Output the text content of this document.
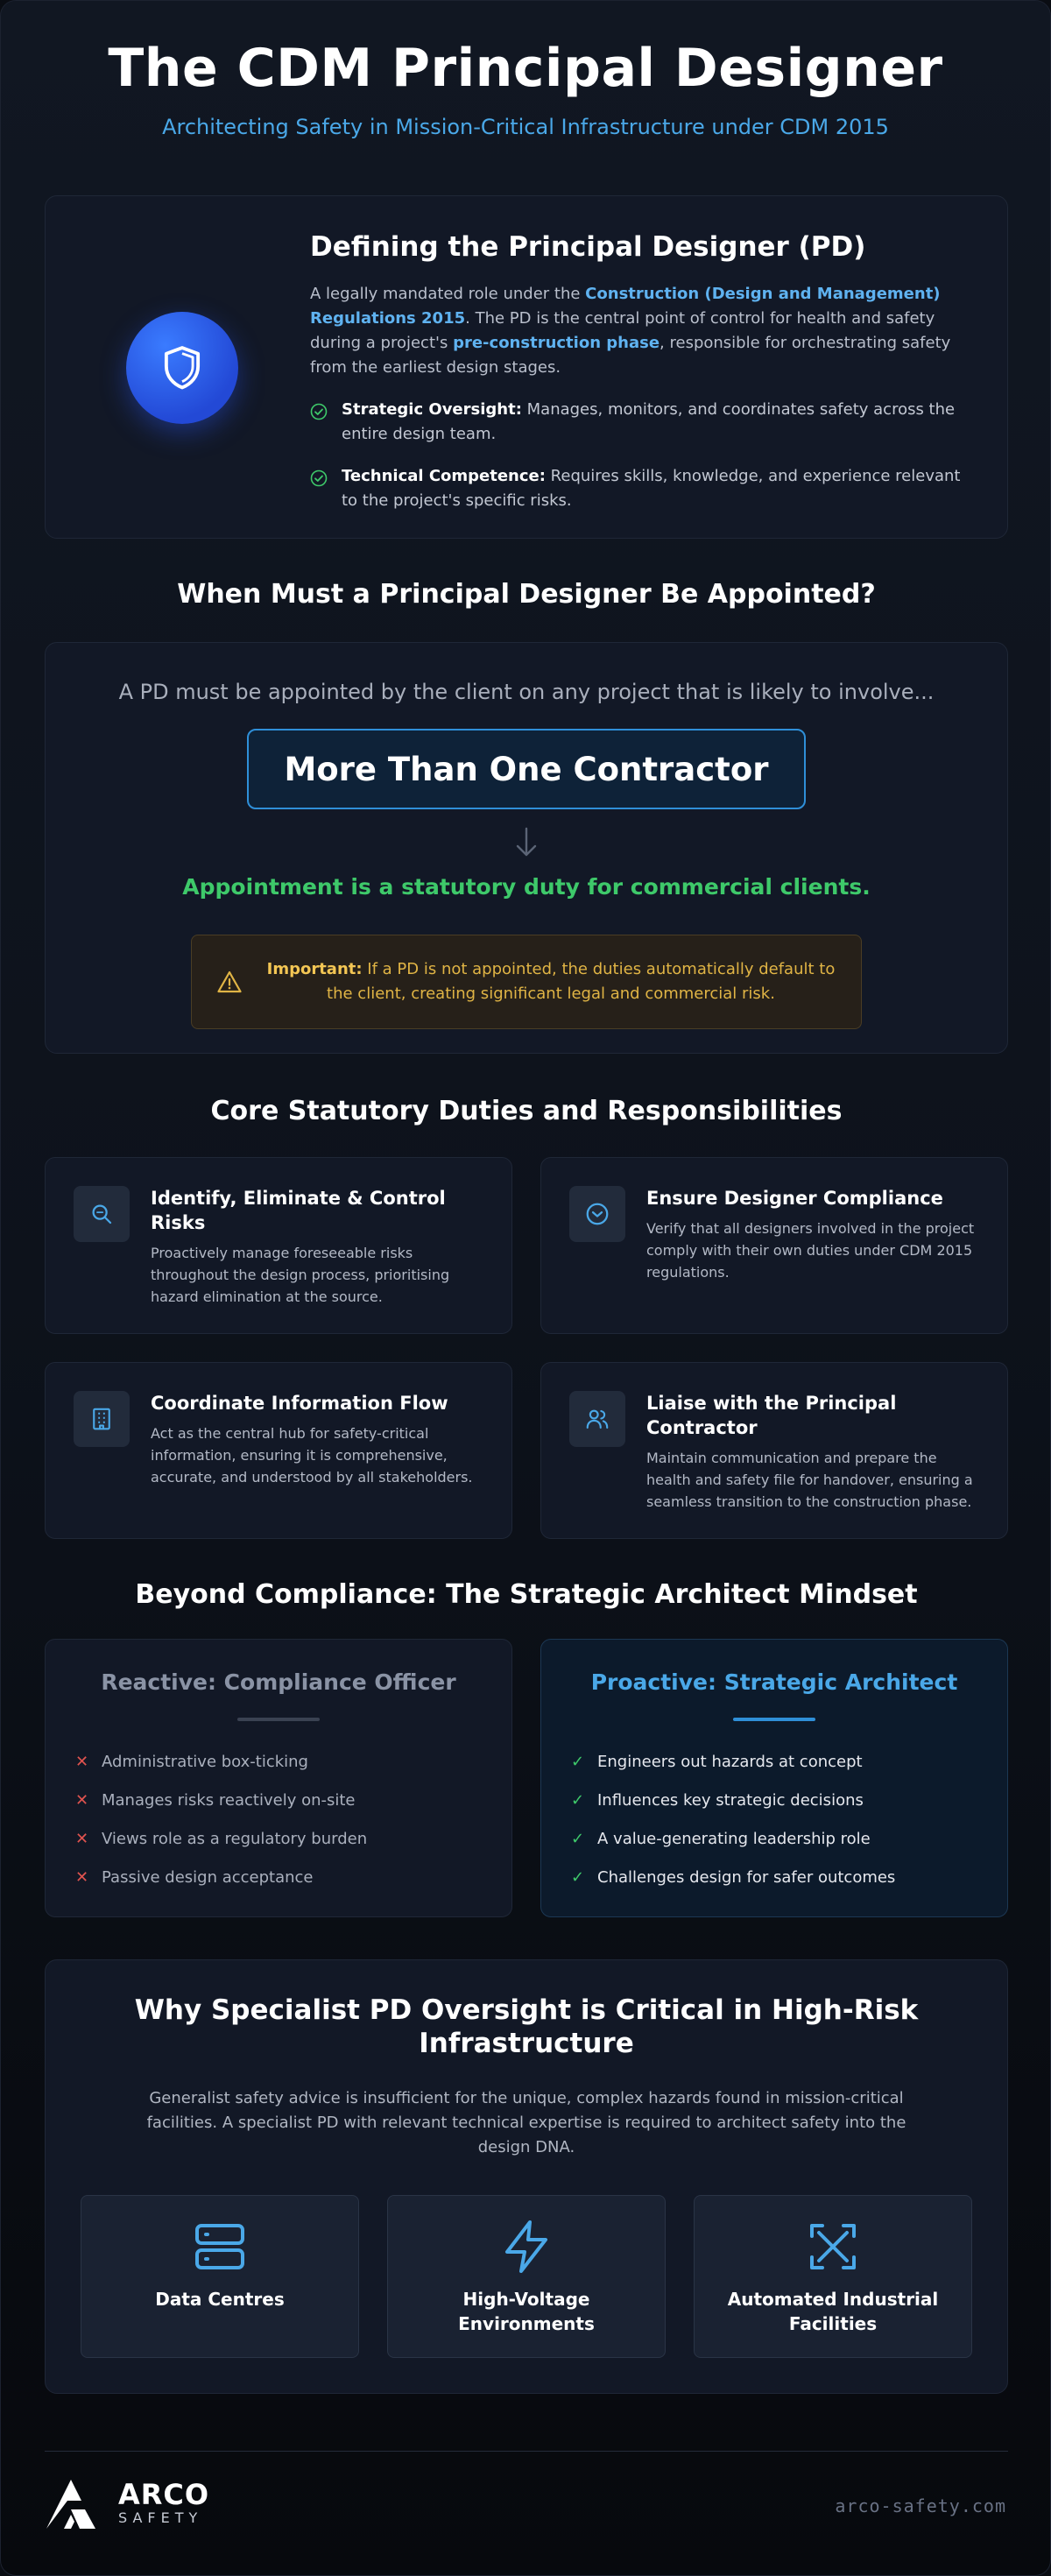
The CDM Principal Designer

Architecting Safety in Mission-Critical Infrastructure under CDM 2015

Defining the Principal Designer (PD)

A legally mandated role under the Construction (Design and Management) Regulations 2015. The PD is the central point of control for health and safety during a project's pre-construction phase, responsible for orchestrating safety from the earliest design stages.

Strategic Oversight: Manages, monitors, and coordinates safety across the entire design team.
Technical Competence: Requires skills, knowledge, and experience relevant to the project's specific risks.
When Must a Principal Designer Be Appointed?

A PD must be appointed by the client on any project that is likely to involve...

More Than One Contractor

Appointment is a statutory duty for commercial clients.

Important: If a PD is not appointed, the duties automatically default to the client, creating significant legal and commercial risk.

Core Statutory Duties and Responsibilities
Identify, Eliminate & Control Risks
Proactively manage foreseeable risks throughout the design process, prioritising hazard elimination at the source.
Ensure Designer Compliance
Verify that all designers involved in the project comply with their own duties under CDM 2015 regulations.
Coordinate Information Flow
Act as the central hub for safety-critical information, ensuring it is comprehensive, accurate, and understood by all stakeholders.
Liaise with the Principal Contractor
Maintain communication and prepare the health and safety file for handover, ensuring a seamless transition to the construction phase.
Beyond Compliance: The Strategic Architect Mindset
Reactive: Compliance Officer
✕ Administrative box-ticking
✕ Manages risks reactively on-site
✕ Views role as a regulatory burden
✕ Passive design acceptance
Proactive: Strategic Architect
✓ Engineers out hazards at concept
✓ Influences key strategic decisions
✓ A value-generating leadership role
✓ Challenges design for safer outcomes
Why Specialist PD Oversight is Critical in High-Risk Infrastructure

Generalist safety advice is insufficient for the unique, complex hazards found in mission-critical facilities. A specialist PD with relevant technical expertise is required to architect safety into the design DNA.

Data Centres	High-Voltage Environments
Automated Industrial Facilities
ARCO
SAFETY
arco-safety.com
